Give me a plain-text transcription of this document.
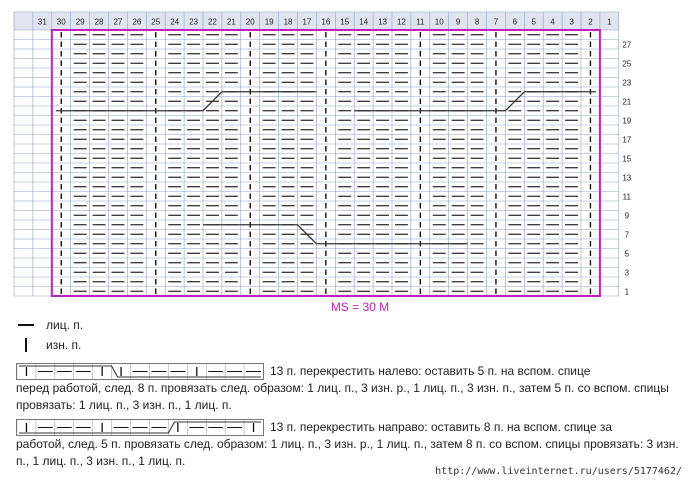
31 30 29 28 27 26 25 24 23 22 21 20 19 18 17 16 15 14 13 12 11 10 9 8 7 6 5 4 3 2 1
27
25
23
21
19
17
15
13
11
9
7
5
3
1
MS = 30 M
лиц. п.
изн. п.
13 п. перекрестить налево: оставить 5 п. на вспом. спице
перед работой, след. 8 п. провязать след. образом: 1 лиц. п., 3 изн. р., 1 лиц. п., 3 изн. п., затем 5 п. со вспом. спицы провязать: 1 лиц. п., 3 изн. п., 1 лиц. п.
13 п. перекрестить направо: оставить 8 п. на вспом. спице за
работой, след. 5 п. провязать след. образом: 1 лиц. п., 3 изн. р., 1 лиц. п., затем 8 п. со вспом. спицы провязать: 3 изн. п., 1 лиц. п., 3 изн. п., 1 лиц. п.
http://www.liveinternet.ru/users/5177462/
